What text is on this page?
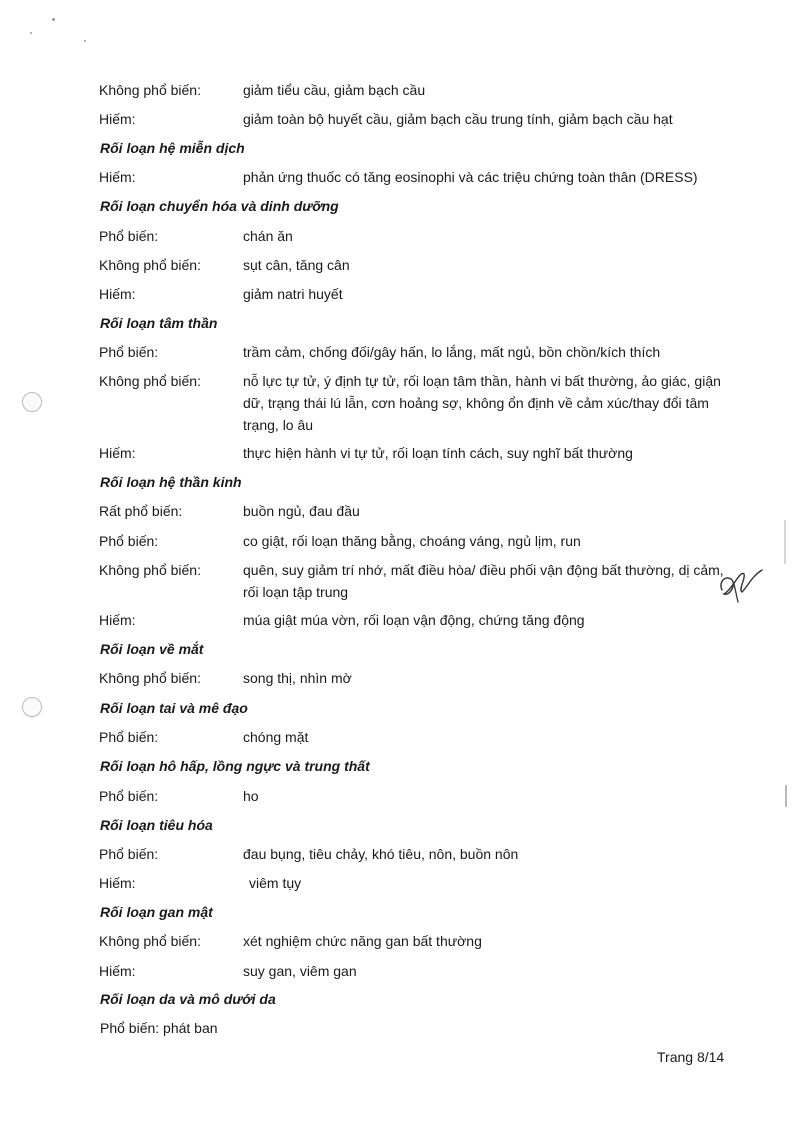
Không phổ biến:	giảm tiểu cầu, giảm bạch cầu
Hiếm:	giảm toàn bộ huyết cầu, giảm bạch cầu trung tính, giảm bạch cầu hạt
Rối loạn hệ miễn dịch
Hiếm:	phản ứng thuốc có tăng eosinophi và các triệu chứng toàn thân (DRESS)
Rối loạn chuyển hóa và dinh dưỡng
Phổ biến:	chán ăn
Không phổ biến:	sụt cân, tăng cân
Hiếm:	giảm natri huyết
Rối loạn tâm thần
Phổ biến:	trầm cảm, chống đối/gây hấn, lo lắng, mất ngủ, bồn chồn/kích thích
Không phổ biến:	nỗ lực tự tử, ý định tự tử, rối loạn tâm thần, hành vi bất thường, ảo giác, giận dữ, trạng thái lú lẫn, cơn hoảng sợ, không ổn định về cảm xúc/thay đổi tâm trạng, lo âu
Hiếm:	thực hiện hành vi tự tử, rối loạn tính cách, suy nghĩ bất thường
Rối loạn hệ thần kinh
Rất phổ biến:	buồn ngủ, đau đầu
Phổ biến:	co giật, rối loạn thăng bằng, choáng váng, ngủ lịm, run
Không phổ biến:	quên, suy giảm trí nhớ, mất điều hòa/ điều phối vận động bất thường, dị cảm, rối loạn tập trung
Hiếm:	múa giật múa vờn, rối loạn vận động, chứng tăng động
Rối loạn về mắt
Không phổ biến:	song thị, nhìn mờ
Rối loạn tai và mê đạo
Phổ biến:	chóng mặt
Rối loạn hô hấp, lồng ngực và trung thất
Phổ biến:	ho
Rối loạn tiêu hóa
Phổ biến:	đau bụng, tiêu chảy, khó tiêu, nôn, buồn nôn
Hiếm:	viêm tụy
Rối loạn gan mật
Không phổ biến:	xét nghiệm chức năng gan bất thường
Hiếm:	suy gan, viêm gan
Rối loạn da và mô dưới da
Phổ biến: phát ban
Trang 8/14
